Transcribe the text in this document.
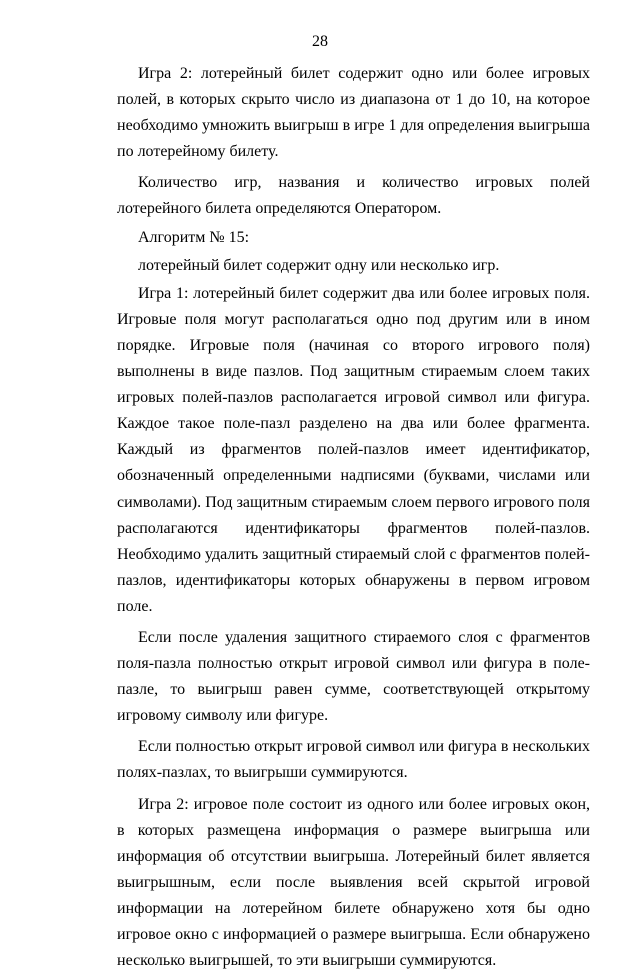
28

Игра 2: лотерейный билет содержит одно или более игровых полей, в которых скрыто число из диапазона от 1 до 10, на которое необходимо умножить выигрыш в игре 1 для определения выигрыша по лотерейному билету.

Количество игр, названия и количество игровых полей лотерейного билета определяются Оператором.

Алгоритм № 15:

лотерейный билет содержит одну или несколько игр.

Игра 1: лотерейный билет содержит два или более игровых поля. Игровые поля могут располагаться одно под другим или в ином порядке. Игровые поля (начиная со второго игрового поля) выполнены в виде пазлов. Под защитным стираемым слоем таких игровых полей-пазлов располагается игровой символ или фигура. Каждое такое поле-пазл разделено на два или более фрагмента. Каждый из фрагментов полей-пазлов имеет идентификатор, обозначенный определенными надписями (буквами, числами или символами). Под защитным стираемым слоем первого игрового поля располагаются идентификаторы фрагментов полей-пазлов. Необходимо удалить защитный стираемый слой с фрагментов полей-пазлов, идентификаторы которых обнаружены в первом игровом поле.

Если после удаления защитного стираемого слоя с фрагментов поля-пазла полностью открыт игровой символ или фигура в поле-пазле, то выигрыш равен сумме, соответствующей открытому игровому символу или фигуре.

Если полностью открыт игровой символ или фигура в нескольких полях-пазлах, то выигрыши суммируются.

Игра 2: игровое поле состоит из одного или более игровых окон, в которых размещена информация о размере выигрыша или информация об отсутствии выигрыша. Лотерейный билет является выигрышным, если после выявления всей скрытой игровой информации на лотерейном билете обнаружено хотя бы одно игровое окно с информацией о размере выигрыша. Если обнаружено несколько выигрышей, то эти выигрыши суммируются.
